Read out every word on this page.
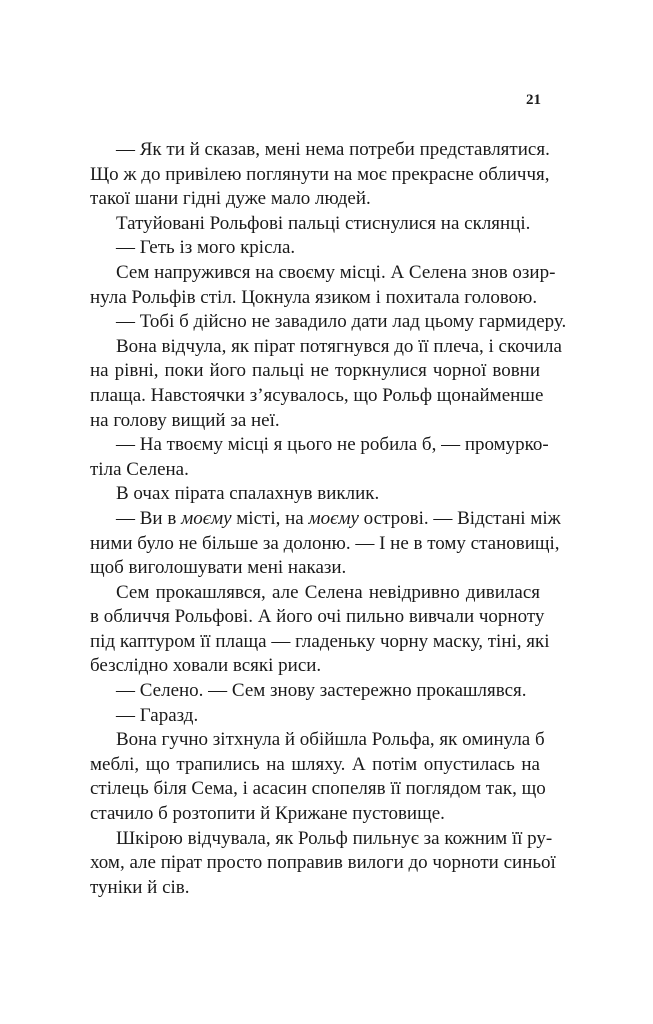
21
— Як ти й сказав, мені нема потреби представлятися.
Що ж до привілею поглянути на моє прекрасне обличчя,
такої шани гідні дуже мало людей.
Татуйовані Рольфові пальці стиснулися на склянці.
— Геть із мого крісла.
Сем напружився на своєму місці. А Селена знов озир-
нула Рольфів стіл. Цокнула язиком і похитала головою.
— Тобі б дійсно не завадило дати лад цьому гармидеру.
Вона відчула, як пірат потягнувся до її плеча, і скочила
на рівні, поки його пальці не торкнулися чорної вовни
плаща. Навстоячки з’ясувалось, що Рольф щонайменше
на голову вищий за неї.
— На твоєму місці я цього не робила б, — промурко-
тіла Селена.
В очах пірата спалахнув виклик.
— Ви в моєму місті, на моєму острові. — Відстані між
ними було не більше за долоню. — І не в тому становищі,
щоб виголошувати мені накази.
Сем прокашлявся, але Селена невідривно дивилася
в обличчя Рольфові. А його очі пильно вивчали чорноту
під каптуром її плаща — гладеньку чорну маску, тіні, які
безслідно ховали всякі риси.
— Селено. — Сем знову застережно прокашлявся.
— Гаразд.
Вона гучно зітхнула й обійшла Рольфа, як оминула б
меблі, що трапились на шляху. А потім опустилась на
стілець біля Сема, і асасин спопеляв її поглядом так, що
стачило б розтопити й Крижане пустовище.
Шкірою відчувала, як Рольф пильнує за кожним її ру-
хом, але пірат просто поправив вилоги до чорноти синьої
туніки й сів.
